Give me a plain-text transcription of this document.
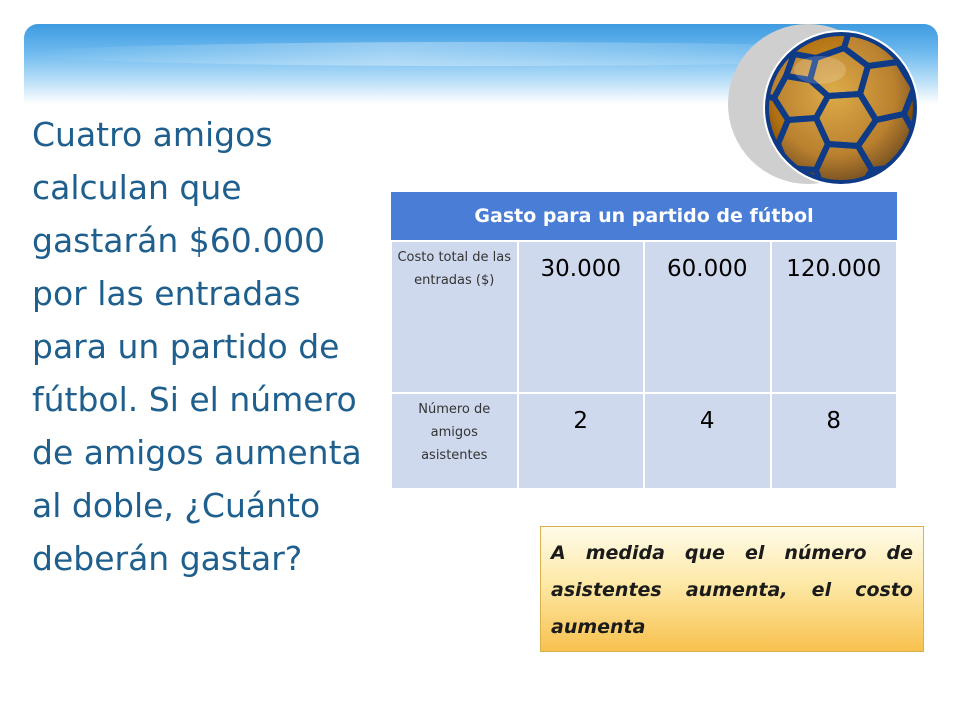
Cuatro amigos calculan que gastarán $60.000 por las entradas para un partido de fútbol. Si el número de amigos aumenta al doble, ¿Cuánto deberán gastar?
Gasto para un partido de fútbol			
Costo total de las entradas ($)	30.000	60.000	120.000
Número de amigos asistentes	2	4	8
A medida que el número de asistentes aumenta, el costo aumenta
